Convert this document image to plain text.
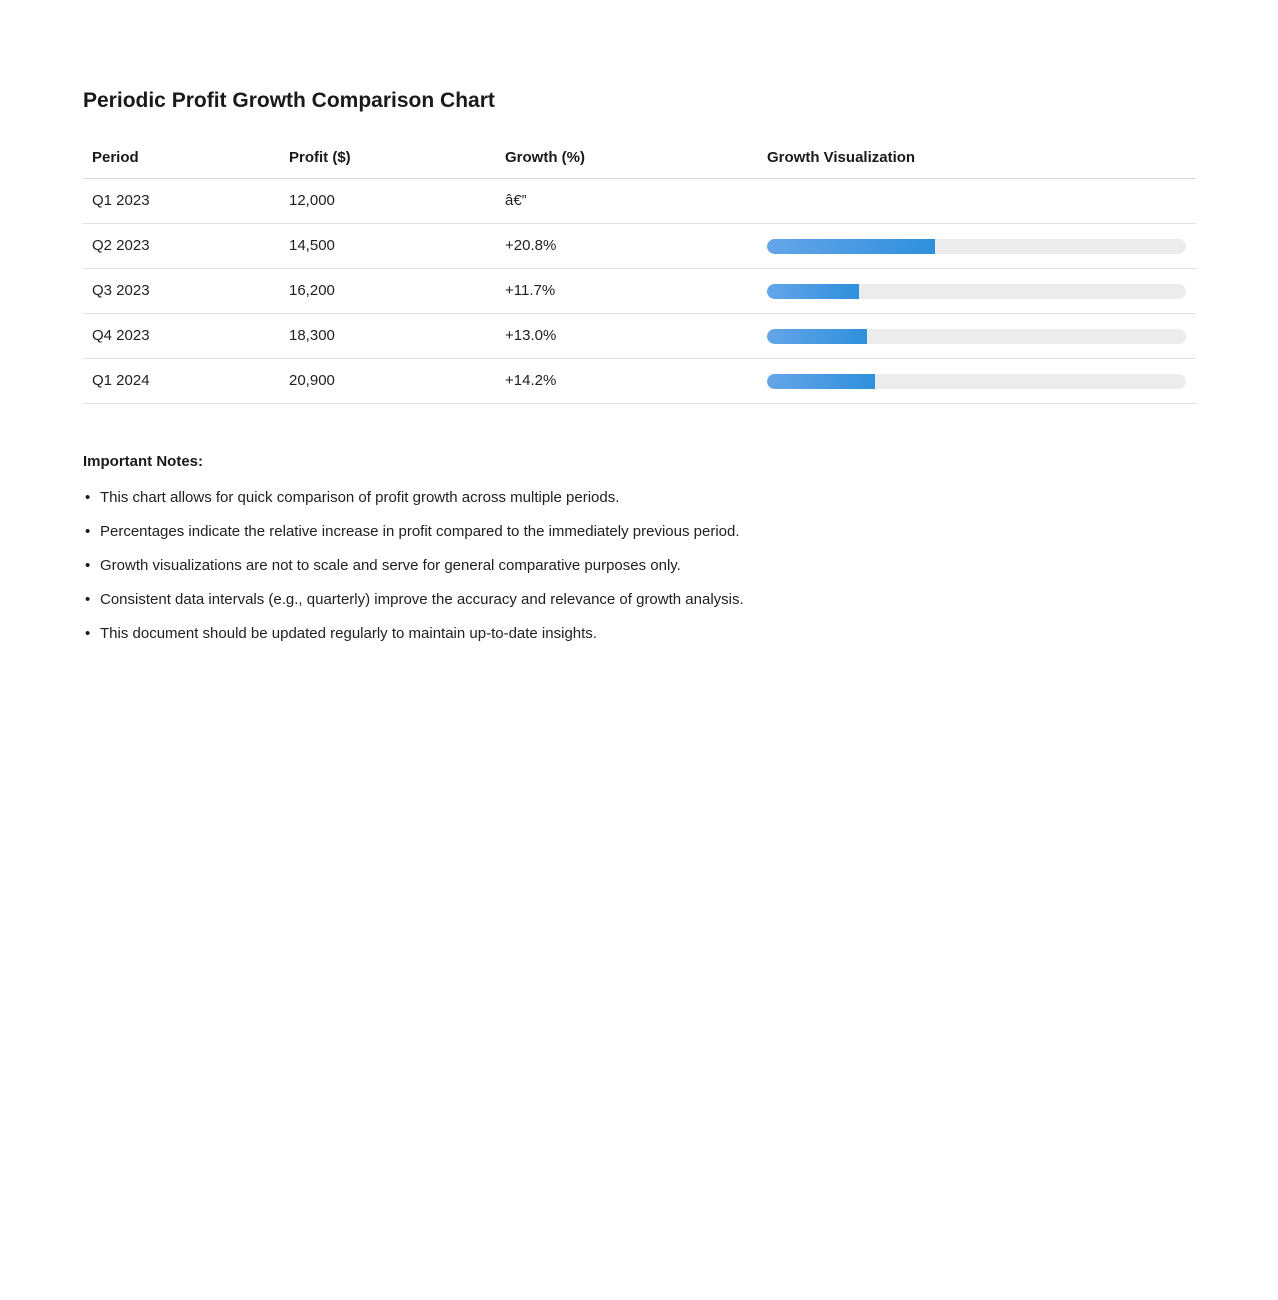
Periodic Profit Growth Comparison Chart
Period	Profit ($)	Growth (%)	Growth Visualization
Q1 2023	12,000	â€”	
Q2 2023	14,500	+20.8%	

Q3 2023	16,200	+11.7%	

Q4 2023	18,300	+13.0%	

Q1 2024	20,900	+14.2%	
Important Notes:
• This chart allows for quick comparison of profit growth across multiple periods.
• Percentages indicate the relative increase in profit compared to the immediately previous period.
• Growth visualizations are not to scale and serve for general comparative purposes only.
• Consistent data intervals (e.g., quarterly) improve the accuracy and relevance of growth analysis.
• This document should be updated regularly to maintain up-to-date insights.
